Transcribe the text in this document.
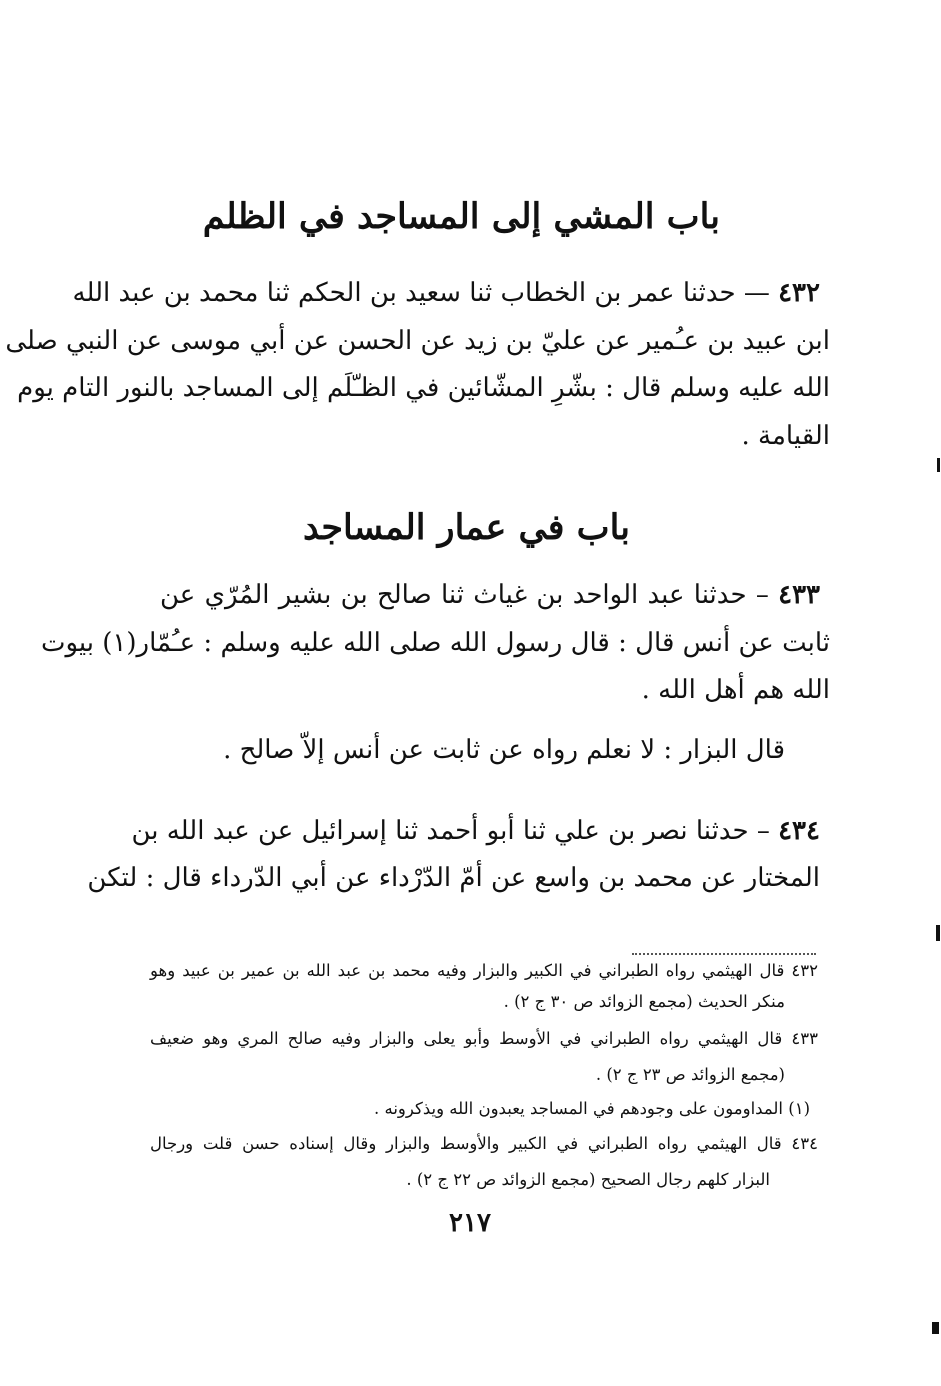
باب المشي إلى المساجد في الظلم
٤٣٢ — حدثنا عمر بن الخطاب ثنا سعيد بن الحكم ثنا محمد بن عبد الله
ابن عبيد بن عـُمير عن عليّ بن زيد عن الحسن عن أبي موسى عن النبي صلى
الله عليه وسلم قال : بشّرِ المشّائين في الظـّلَم إلى المساجد بالنور التام يوم
القيامة .
باب في عمار المساجد
٤٣٣ – حدثنا عبد الواحد بن غياث ثنا صالح بن بشير المُرّي عن
ثابت عن أنس قال : قال رسول الله صلى الله عليه وسلم : عـُمّار(١) بيوت
الله هم أهل الله .
قال البزار : لا نعلم رواه عن ثابت عن أنس إلاّ صالح .
٤٣٤ – حدثنا نصر بن علي ثنا أبو أحمد ثنا إسرائيل عن عبد الله بن
المختار عن محمد بن واسع عن أمّ الدّرْداء عن أبي الدّرداء قال : لتكن
٤٣٢ قال الهيثمي رواه الطبراني في الكبير والبزار وفيه محمد بن عبد الله بن عمير بن عبيد وهو
منكر الحديث (مجمع الزوائد ص ٣٠ ج ٢) .
٤٣٣ قال الهيثمي رواه الطبراني في الأوسط وأبو يعلى والبزار وفيه صالح المري وهو ضعيف
(مجمع الزوائد ص ٢٣ ج ٢) .
(١) المداومون على وجودهم في المساجد يعبدون الله ويذكرونه .
٤٣٤ قال الهيثمي رواه الطبراني في الكبير والأوسط والبزار وقال إسناده حسن قلت ورجال
البزار كلهم رجال الصحيح (مجمع الزوائد ص ٢٢ ج ٢) .
٢١٧
